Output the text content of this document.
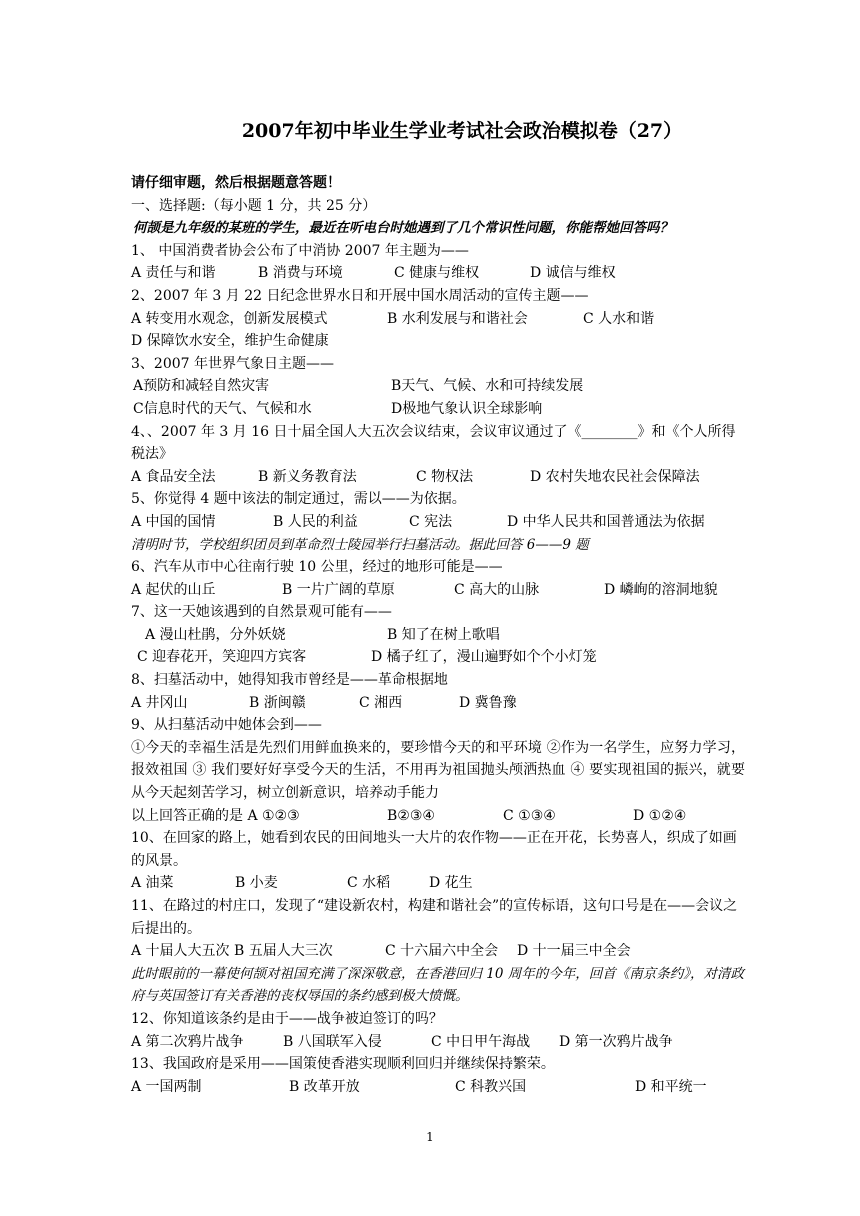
2007年初中毕业生学业考试社会政治模拟卷（27）
请仔细审题，然后根据题意答题！
一、选择题:（每小题 1 分，共 25 分）
何颉是九年级的某班的学生，最近在听电台时她遇到了几个常识性问题，你能帮她回答吗？
1、 中国消费者协会公布了中消协 2007 年主题为——
A 责任与和谐	B 消费与环境	C 健康与维权	D 诚信与维权
2、2007 年 3 月 22 日纪念世界水日和开展中国水周活动的宣传主题——
A 转变用水观念，创新发展模式	B 水利发展与和谐社会	C 人水和谐
D 保障饮水安全，维护生命健康
3、2007 年世界气象日主题——
A预防和减轻自然灾害	B天气、气候、水和可持续发展
C信息时代的天气、气候和水	D极地气象认识全球影响
4、、2007 年 3 月 16 日十届全国人大五次会议结束，会议审议通过了《________》和《个人所得税法》
A 食品安全法	B 新义务教育法	C 物权法	D 农村失地农民社会保障法
5、你觉得 4 题中该法的制定通过，需以——为依据。
A 中国的国情	B 人民的利益	C 宪法	D 中华人民共和国普通法为依据
清明时节，学校组织团员到革命烈士陵园举行扫墓活动。据此回答 6——9 题
6、汽车从市中心往南行驶 10 公里，经过的地形可能是——
A 起伏的山丘	B 一片广阔的草原	C 高大的山脉	D 嶙峋的溶洞地貌
7、这一天她该遇到的自然景观可能有——
A 漫山杜鹃，分外妖娆	B 知了在树上歌唱
C 迎春花开，笑迎四方宾客	D 橘子红了，漫山遍野如个个小灯笼
8、扫墓活动中，她得知我市曾经是——革命根据地
A 井冈山	B 浙闽赣	C 湘西	D 冀鲁豫
9、从扫墓活动中她体会到——
①今天的幸福生活是先烈们用鲜血换来的，要珍惜今天的和平环境 ②作为一名学生，应努力学习，报效祖国 ③ 我们要好好享受今天的生活，不用再为祖国抛头颅洒热血 ④ 要实现祖国的振兴，就要从今天起刻苦学习，树立创新意识，培养动手能力
以上回答正确的是 A ①②③	B②③④	C ①③④	D ①②④
10、在回家的路上，她看到农民的田间地头一大片的农作物——正在开花，长势喜人，织成了如画的风景。
A 油菜	B 小麦	C 水稻	D 花生
11、在路过的村庄口，发现了“建设新农村，构建和谐社会”的宣传标语，这句口号是在——会议之后提出的。
A 十届人大五次 B 五届人大三次	C 十六届六中全会	D 十一届三中全会
此时眼前的一幕使何颉对祖国充满了深深敬意，在香港回归 10 周年的今年，回首《南京条约》，对清政府与英国签订有关香港的丧权辱国的条约感到极大愤慨。
12、你知道该条约是由于——战争被迫签订的吗？
A 第二次鸦片战争	B 八国联军入侵	C 中日甲午海战	D 第一次鸦片战争
13、我国政府是采用——国策使香港实现顺利回归并继续保持繁荣。
A 一国两制	B 改革开放	C 科教兴国	D 和平统一
1
